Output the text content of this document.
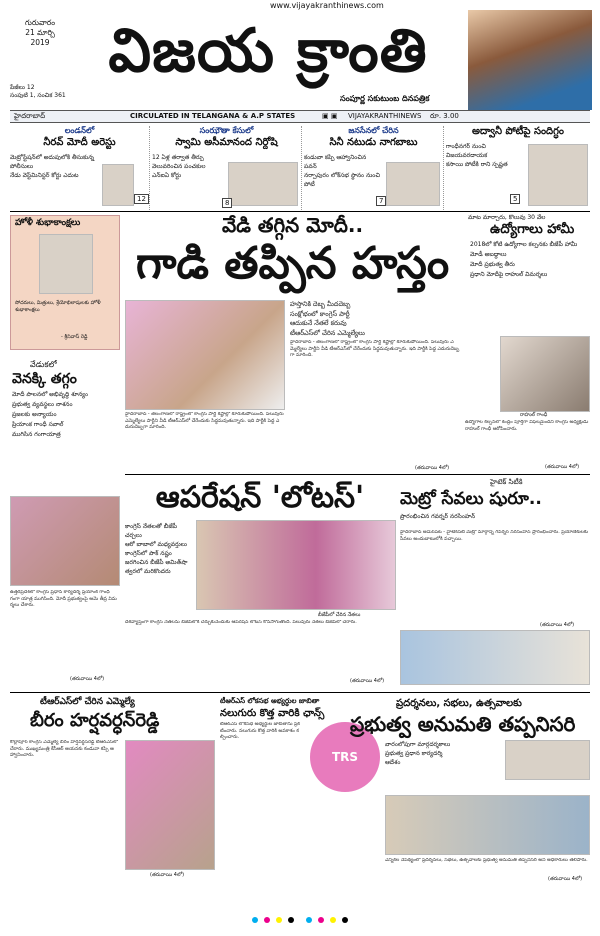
www.vijayakranthinews.com
గురువారం
21 మార్చి
2019
పేజీలు 12
సంపుటి 1, సంచిక 361
విజయ క్రాంతి
సంపూర్ణ సకుటుంబ దినపత్రిక
హైదరాబాద్	CIRCULATED IN TELANGANA & A.P STATES	▣ ▣ VIJAYAKRANTHINEWS రూ. 3.00
లండన్‌లో
నీరవ్ మోదీ అరెస్టు
మెట్రోస్టేషన్‌లో అదుపులోకి తీసుకున్న పోలీసులు
నేడు వెస్ట్‌మినిస్టర్ కోర్టు ఎదుట
12
సంఝౌతా కేసులో
స్వామి అసీమానంద నిర్దోషి
12 ఏళ్ల తర్వాత తీర్పు వెలువరించిన పంచకుల ఎన్‌ఐఏ కోర్టు
8
జనసేనలో చేరిన
సినీ నటుడు నాగబాబు
కండువా కప్పి ఆహ్వానించిన పవన్
నర్సాపురం లోక్‌సభ స్థానం నుంచి పోటీ
7
అద్వానీ పోటీపై సందిగ్ధం
గాంధీనగర్ నుంచి విజయవరదాయక
కసాయి పోటీకి రాని స్పష్టత
5
హోళీ శుభాకాంక్షలు
సోదరులు, మిత్రులు, శ్రేయోభిలాషులకు హోళీ శుభాకాంక్షలు
- శ్రీనివాస్ రెడ్డి
వేడి తగ్గిన మోదీ..
గాడి తప్పిన హస్తం
హస్తానికి దెబ్బ మీదదెబ్బ
సంక్షోభంలో కాంగ్రెస్ పార్టీ
ఆదుకునే నేతలే కరువు
టీఆర్‌ఎస్‌లో చేరిన ఎమ్మెల్యేలు
హైదరాబాద్ - తెలంగాణలో రాష్ట్రంలో కాంగ్రెస్ పార్టీ కష్టాల్లో కూరుకుపోయింది. పలువురు ఎమ్మెల్యేలు పార్టీని వీడి టీఆర్‌ఎస్‌లో చేరేందుకు సిద్ధమవుతున్నారు. ఇది పార్టీకి పెద్ద ఎదురుదెబ్బగా మారింది.
హైదరాబాద్ - తెలంగాణలో రాష్ట్రంలో కాంగ్రెస్ పార్టీ కష్టాల్లో కూరుకుపోయింది. పలువురు ఎమ్మెల్యేలు పార్టీని వీడి టీఆర్‌ఎస్‌లో చేరేందుకు సిద్ధమవుతున్నారు. ఇది పార్టీకి పెద్ద ఎదురుదెబ్బగా మారింది.
(తరువాయి 4లో)
వేడుకలో
వెనక్కి తగ్గం
మోదీ పాలనలో అభివృద్ధి శూన్యం
ప్రభుత్వ వ్యవస్థలు నాశనం
ప్రజలకు అన్యాయం
ప్రియాంక గాంధీ సవాల్
ముగిసిన గంగాయాత్ర
ఉత్తరప్రదేశ్‌లో కాంగ్రెస్ ప్రధాన కార్యదర్శి ప్రియాంక గాంధీ గంగా యాత్ర ముగిసింది. మోదీ ప్రభుత్వంపై ఆమె తీవ్ర విమర్శలు చేశారు.
(తరువాయి 4లో)
మాట మార్చారు, కొలువు 30 వేల
ఉద్యోగాలు హామీ
2018లో కోటి ఉద్యోగాల కల్పనకు బీజేపీ హామీ
మోడీ అబద్ధాలు
మోదీ ప్రభుత్వ తీరు
ప్రధాని మోదీపై రాహుల్ విమర్శలు
రాహుల్ గాంధీ
ఉద్యోగాల కల్పనలో కేంద్రం పూర్తిగా విఫలమైందని కాంగ్రెస్ అధ్యక్షుడు రాహుల్ గాంధీ ఆరోపించారు.
(తరువాయి 4లో)
ఆపరేషన్ 'లోటస్'
కాంగ్రెస్ నేతలతో బీజేపీ చర్చలు
ఆరో బాబాలో మధ్యవర్తులు
కాంగ్రెస్‌లో పాక్ నష్టం
జరగించిన బీజేపీ అమిత్‌షా
త్వరలో మరికొందరు
బీజేపీలో చేరిన నేతలు
దేశవ్యాప్తంగా కాంగ్రెస్ నేతలను బీజేపీలోకి చేర్చుకునేందుకు ఆపరేషన్ లోటస్ కొనసాగుతోంది. పలువురు నేతలు బీజేపీలో చేరారు.
(తరువాయి 4లో)
హైటెక్ సిటీకి
మెట్రో సేవలు షురూ..
ప్రారంభించిన గవర్నర్ నరసింహన్
హైదరాబాద్ అమీర్‌పేట - హైటెక్‌సిటీ మెట్రో మార్గాన్ని గవర్నర్ నరసింహన్ ప్రారంభించారు. ప్రయాణికులకు సేవలు అందుబాటులోకి వచ్చాయి.
(తరువాయి 4లో)
టీఆర్‌ఎస్‌లో చేరిన ఎమ్మెల్యే
బీరం హర్షవర్ధన్‌రెడ్డి
కొల్లాపూర్ కాంగ్రెస్ ఎమ్మెల్యే బీరం హర్షవర్ధన్‌రెడ్డి టీఆర్‌ఎస్‌లో చేరారు. ముఖ్యమంత్రి కేసీఆర్ ఆయనకు కండువా కప్పి ఆహ్వానించారు.
(తరువాయి 4లో)
టీఆర్‌ఎస్ లోకసభ అభ్యర్థుల జాబితా
నలుగురు కొత్త వారికి ఛాన్స్
టీఆర్‌ఎస్ లోకసభ అభ్యర్థుల జాబితాను ప్రకటించారు. నలుగురు కొత్త వారికి అవకాశం కల్పించారు.
TRS
ప్రదర్శనలు, సభలు, ఉత్సవాలకు
ప్రభుత్వ అనుమతి తప్పనిసరి
వారంలోపుగా మార్గదర్శకాలు
ప్రభుత్వ ప్రధాన కార్యదర్శి
ఆదేశం
ఎన్నికల నేపథ్యంలో ప్రదర్శనలు, సభలు, ఉత్సవాలకు ప్రభుత్వ అనుమతి తప్పనిసరి అని అధికారులు తెలిపారు.
(తరువాయి 4లో)
